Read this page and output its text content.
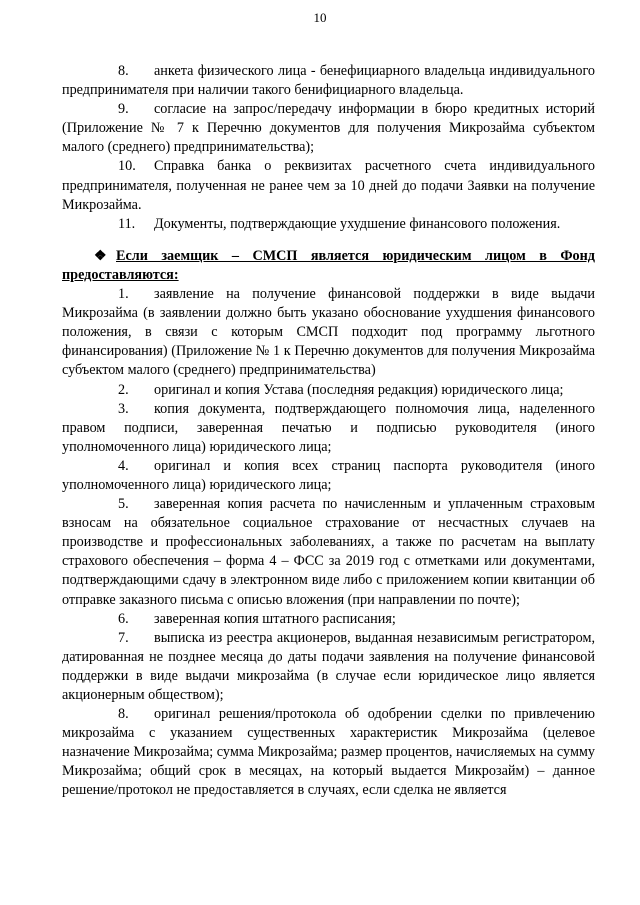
10

8. анкета физического лица - бенефициарного владельца индивидуального предпринимателя при наличии такого бенифициарного владельца.

9. согласие на запрос/передачу информации в бюро кредитных историй (Приложение № 7 к Перечню документов для получения Микрозайма субъектом малого (среднего) предпринимательства);

10. Справка банка о реквизитах расчетного счета индивидуального предпринимателя, полученная не ранее чем за 10 дней до подачи Заявки на получение Микрозайма.

11. Документы, подтверждающие ухудшение финансового положения.

❖ Если заемщик – СМСП является юридическим лицом в Фонд предоставляются:

1. заявление на получение финансовой поддержки в виде выдачи Микрозайма (в заявлении должно быть указано обоснование ухудшения финансового положения, в связи с которым СМСП подходит под программу льготного финансирования) (Приложение № 1 к Перечню документов для получения Микрозайма субъектом малого (среднего) предпринимательства)

2. оригинал и копия Устава (последняя редакция) юридического лица;

3. копия документа, подтверждающего полномочия лица, наделенного правом подписи, заверенная печатью и подписью руководителя (иного уполномоченного лица) юридического лица;

4. оригинал и копия всех страниц паспорта руководителя (иного уполномоченного лица) юридического лица;

5. заверенная копия расчета по начисленным и уплаченным страховым взносам на обязательное социальное страхование от несчастных случаев на производстве и профессиональных заболеваниях, а также по расчетам на выплату страхового обеспечения – форма 4 – ФСС за 2019 год с отметками или документами, подтверждающими сдачу в электронном виде либо с приложением копии квитанции об отправке заказного письма с описью вложения (при направлении по почте);

6. заверенная копия штатного расписания;

7. выписка из реестра акционеров, выданная независимым регистратором, датированная не позднее месяца до даты подачи заявления на получение финансовой поддержки в виде выдачи микрозайма (в случае если юридическое лицо является акционерным обществом);

8. оригинал решения/протокола об одобрении сделки по привлечению микрозайма с указанием существенных характеристик Микрозайма (целевое назначение Микрозайма; сумма Микрозайма; размер процентов, начисляемых на сумму Микрозайма; общий срок в месяцах, на который выдается Микрозайм) – данное решение/протокол не предоставляется в случаях, если сделка не является
